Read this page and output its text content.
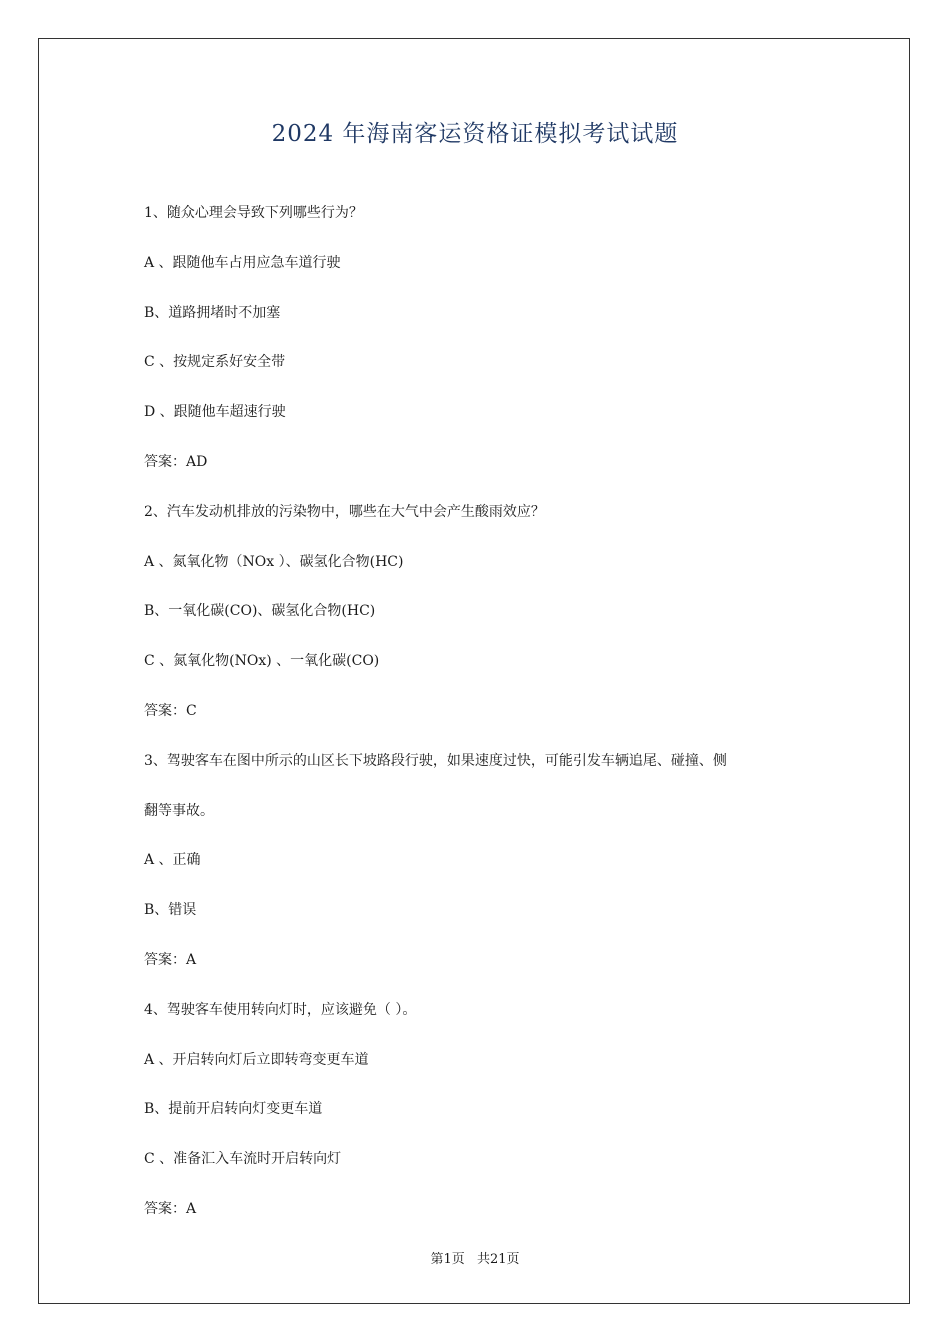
2024 年海南客运资格证模拟考试试题
1、随众心理会导致下列哪些行为？
A 、跟随他车占用应急车道行驶
B、道路拥堵时不加塞
C 、按规定系好安全带
D 、跟随他车超速行驶
答案：AD
2、汽车发动机排放的污染物中，哪些在大气中会产生酸雨效应？
A 、氮氧化物（NOx ）、碳氢化合物(HC)
B、一氧化碳(CO)、碳氢化合物(HC)
C 、氮氧化物(NOx) 、一氧化碳(CO)
答案：C
3、驾驶客车在图中所示的山区长下坡路段行驶，如果速度过快，可能引发车辆追尾、碰撞、侧
翻等事故。
A 、正确
B、错误
答案：A
4、驾驶客车使用转向灯时，应该避免（ ）。
A 、开启转向灯后立即转弯变更车道
B、提前开启转向灯变更车道
C 、准备汇入车流时开启转向灯
答案：A
第1页 共21页
